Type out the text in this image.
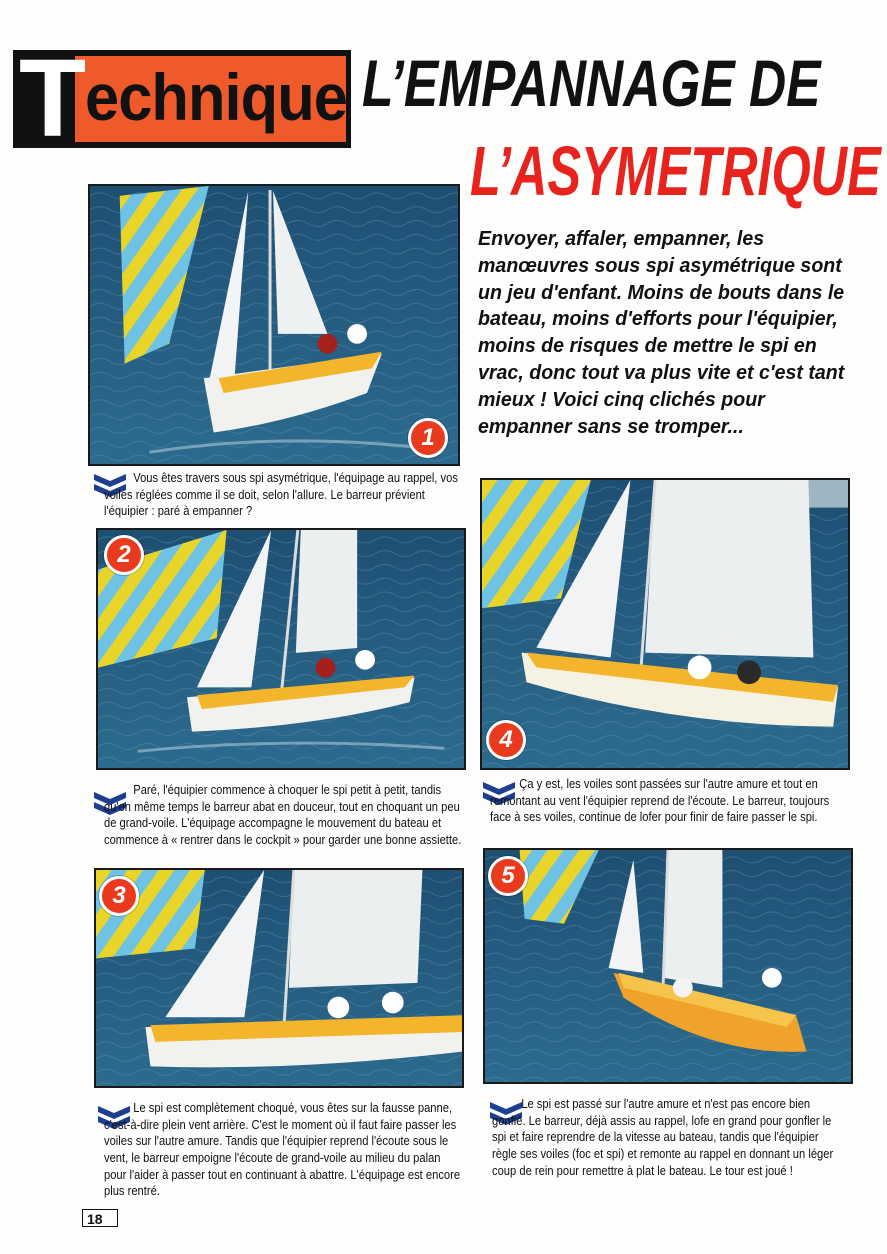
T echnique L’EMPANNAGE DE
L’ASYMETRIQUE
Envoyer, affaler, empanner, les manœuvres sous spi asymétrique sont un jeu d'enfant. Moins de bouts dans le bateau, moins d'efforts pour l'équipier, moins de risques de mettre le spi en vrac, donc tout va plus vite et c'est tant mieux ! Voici cinq clichés pour empanner sans se tromper...
1
Vous êtes travers sous spi asymétrique, l'équipage au rappel, vos voiles réglées comme il se doit, selon l'allure. Le barreur prévient l'équipier : paré à empanner ?
2
Paré, l'équipier commence à choquer le spi petit à petit, tandis qu'en même temps le barreur abat en douceur, tout en choquant un peu de grand-voile. L'équipage accompagne le mouvement du bateau et commence à « rentrer dans le cockpit » pour garder une bonne assiette.
3
Le spi est complètement choqué, vous êtes sur la fausse panne, c'est-à-dire plein vent arrière. C'est le moment où il faut faire passer les voiles sur l'autre amure. Tandis que l'équipier reprend l'écoute sous le vent, le barreur empoigne l'écoute de grand-voile au milieu du palan pour l'aider à passer tout en continuant à abattre. L'équipage est encore plus rentré.
4
Ça y est, les voiles sont passées sur l'autre amure et tout en remontant au vent l'équipier reprend de l'écoute. Le barreur, toujours face à ses voiles, continue de lofer pour finir de faire passer le spi.
5
Le spi est passé sur l'autre amure et n'est pas encore bien gonflé. Le barreur, déjà assis au rappel, lofe en grand pour gonfler le spi et faire reprendre de la vitesse au bateau, tandis que l'équipier règle ses voiles (foc et spi) et remonte au rappel en donnant un léger coup de rein pour remettre à plat le bateau. Le tour est joué !
18
